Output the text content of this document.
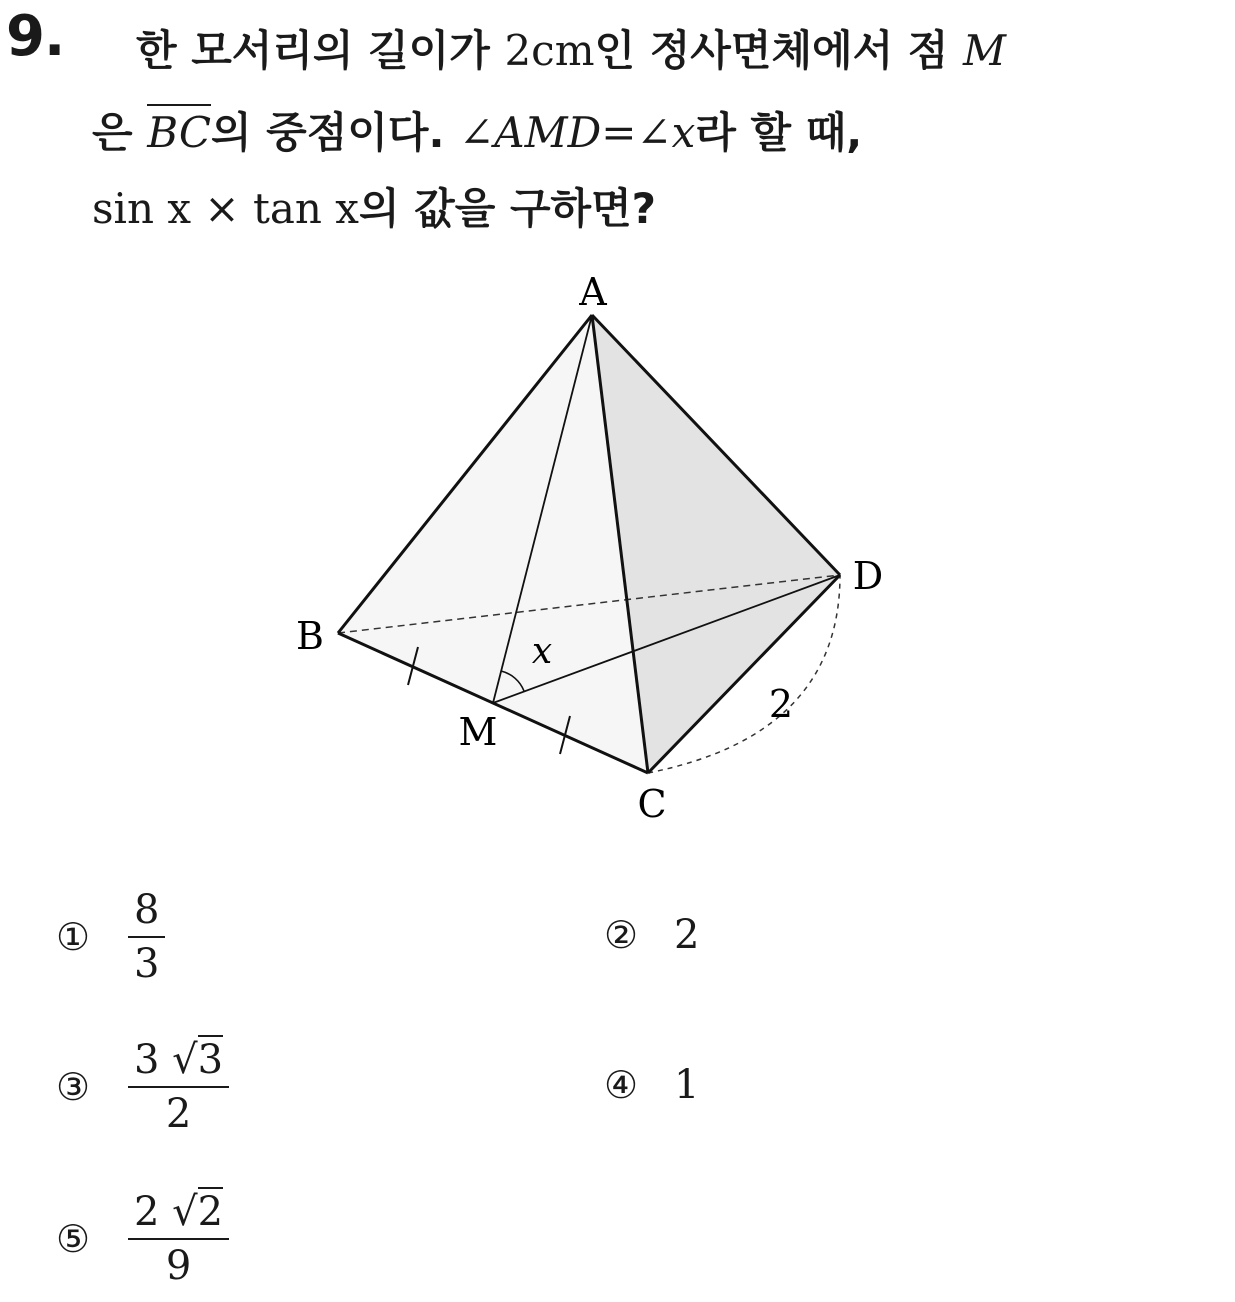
9. 한 모서리의 길이가 2cm인 정사면체에서 점 M
은 BC의 중점이다. ∠AMD=∠x라 할 때,
sin x × tan x의 값을 구하면?
A
B
C
D
M
x
2
① $\frac{8}{3}$	② 2
③ $\frac{3 √3}{2}$	④ 1
⑤ $\frac{2 √2}{9}$
